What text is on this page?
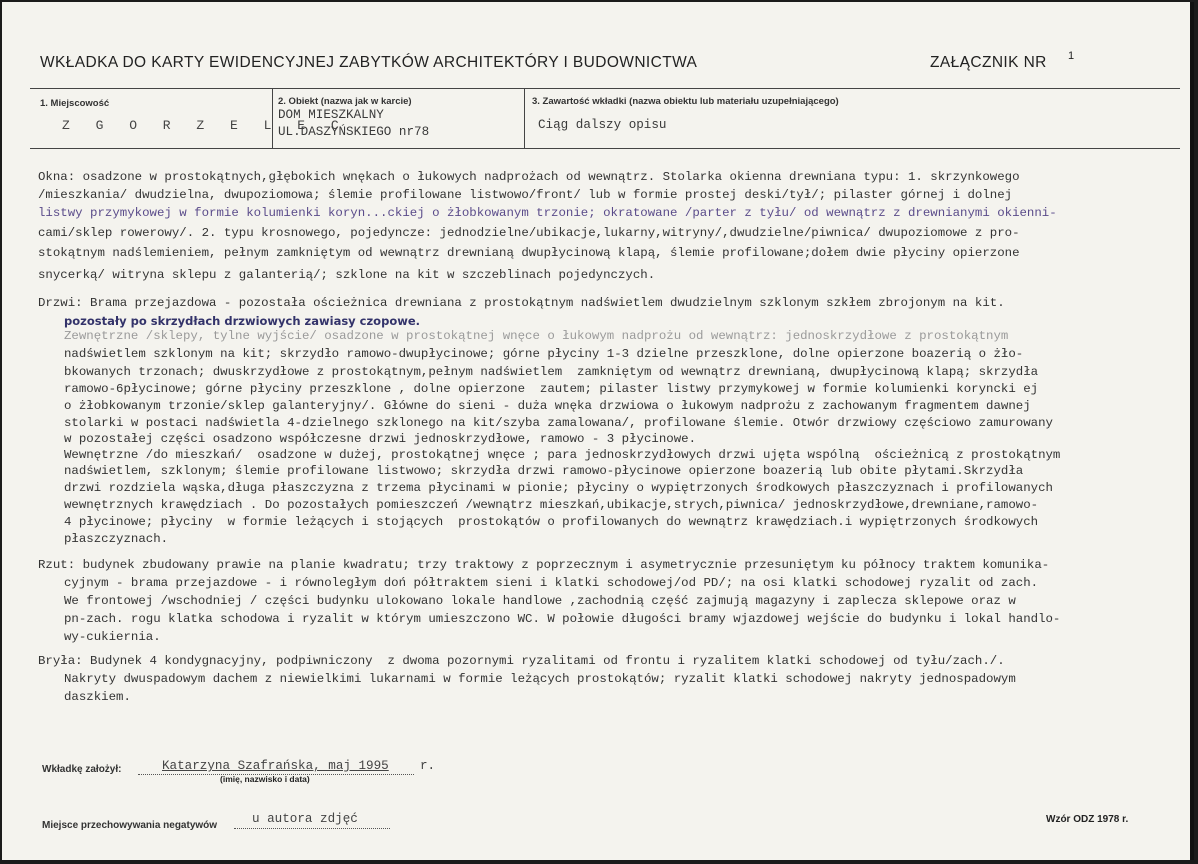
WKŁADKA DO KARTY EWIDENCYJNEJ ZABYTKÓW ARCHITEKTÓRY I BUDOWNICTWA	ZAŁĄCZNIK NR 1
1. Miejscowość
Z G O R Z E L E C
2. Obiekt (nazwa jak w karcie)
DOM MIESZKALNY
UL.DASZYŃSKIEGO nr78
3. Zawartość wkładki (nazwa obiektu lub materiału uzupełniającego)
Ciąg dalszy opisu
Okna: osadzone w prostokątnych,głębokich wnękach o łukowych nadprożach od wewnątrz. Stolarka okienna drewniana typu: 1. skrzynkowego
/mieszkania/ dwudzielna, dwupoziomowa; ślemie profilowane listwowo/front/ lub w formie prostej deski/tył/; pilaster górnej i dolnej
listwy przymykowej w formie kolumienki koryn...ckiej o żłobkowanym trzonie; okratowane /parter z tyłu/ od wewnątrz z drewnianymi okienni-
cami/sklep rowerowy/. 2. typu krosnowego, pojedyncze: jednodzielne/ubikacje,lukarny,witryny/,dwudzielne/piwnica/ dwupoziomowe z pro-
stokątnym nadślemieniem, pełnym zamkniętym od wewnątrz drewnianą dwupłycinową klapą, ślemie profilowane;dołem dwie płyciny opierzone
snycerką/ witryna sklepu z galanterią/; szklone na kit w szczeblinach pojedynczych.
Drzwi: Brama przejazdowa - pozostała ościeżnica drewniana z prostokątnym nadświetlem dwudzielnym szklonym szkłem zbrojonym na kit.
pozostały po skrzydłach drzwiowych zawiasy czopowe.
Zewnętrzne /sklepy, tylne wyjście/ osadzone w prostokątnej wnęce o łukowym nadprożu od wewnątrz: jednoskrzydłowe z prostokątnym
nadświetlem szklonym na kit; skrzydło ramowo-dwupłycinowe; górne płyciny 1-3 dzielne przeszklone, dolne opierzone boazerią o żło-
bkowanych trzonach; dwuskrzydłowe z prostokątnym,pełnym nadświetlem  zamkniętym od wewnątrz drewnianą, dwupłycinową klapą; skrzydła
ramowo-6płycinowe; górne płyciny przeszklone , dolne opierzone  zautem; pilaster listwy przymykowej w formie kolumienki koryncki ej
o żłobkowanym trzonie/sklep galanteryjny/. Główne do sieni - duża wnęka drzwiowa o łukowym nadprożu z zachowanym fragmentem dawnej
stolarki w postaci nadświetla 4-dzielnego szklonego na kit/szyba zamalowana/, profilowane ślemie. Otwór drzwiowy częściowo zamurowany
w pozostałej części osadzono współczesne drzwi jednoskrzydłowe, ramowo - 3 płycinowe.
Wewnętrzne /do mieszkań/  osadzone w dużej, prostokątnej wnęce ; para jednoskrzydłowych drzwi ujęta wspólną  ościeżnicą z prostokątnym
nadświetlem, szklonym; ślemie profilowane listwowo; skrzydła drzwi ramowo-płycinowe opierzone boazerią lub obite płytami.Skrzydła
drzwi rozdziela wąska,długa płaszczyzna z trzema płycinami w pionie; płyciny o wypiętrzonych środkowych płaszczyznach i profilowanych
wewnętrznych krawędziach . Do pozostałych pomieszczeń /wewnątrz mieszkań,ubikacje,strych,piwnica/ jednoskrzydłowe,drewniane,ramowo-
4 płycinowe; płyciny  w formie leżących i stojących  prostokątów o profilowanych do wewnątrz krawędziach.i wypiętrzonych środkowych
płaszczyznach.
Rzut: budynek zbudowany prawie na planie kwadratu; trzy traktowy z poprzecznym i asymetrycznie przesuniętym ku północy traktem komunika-
cyjnym - brama przejazdowe - i równoległym doń półtraktem sieni i klatki schodowej/od PD/; na osi klatki schodowej ryzalit od zach.
We frontowej /wschodniej / części budynku ulokowano lokale handlowe ,zachodnią część zajmują magazyny i zaplecza sklepowe oraz w
pn-zach. rogu klatka schodowa i ryzalit w którym umieszczono WC. W połowie długości bramy wjazdowej wejście do budynku i lokal handlo-
wy-cukiernia.
Bryła: Budynek 4 kondygnacyjny, podpiwniczony  z dwoma pozornymi ryzalitami od frontu i ryzalitem klatki schodowej od tyłu/zach./.
Nakryty dwuspadowym dachem z niewielkimi lukarnami w formie leżących prostokątów; ryzalit klatki schodowej nakryty jednospadowym
daszkiem.
Wkładkę założył:	Katarzyna Szafrańska, maj 1995 r.
(imię, nazwisko i data)
Miejsce przechowywania negatywów	u autora zdjęć	Wzór ODZ 1978 r.
